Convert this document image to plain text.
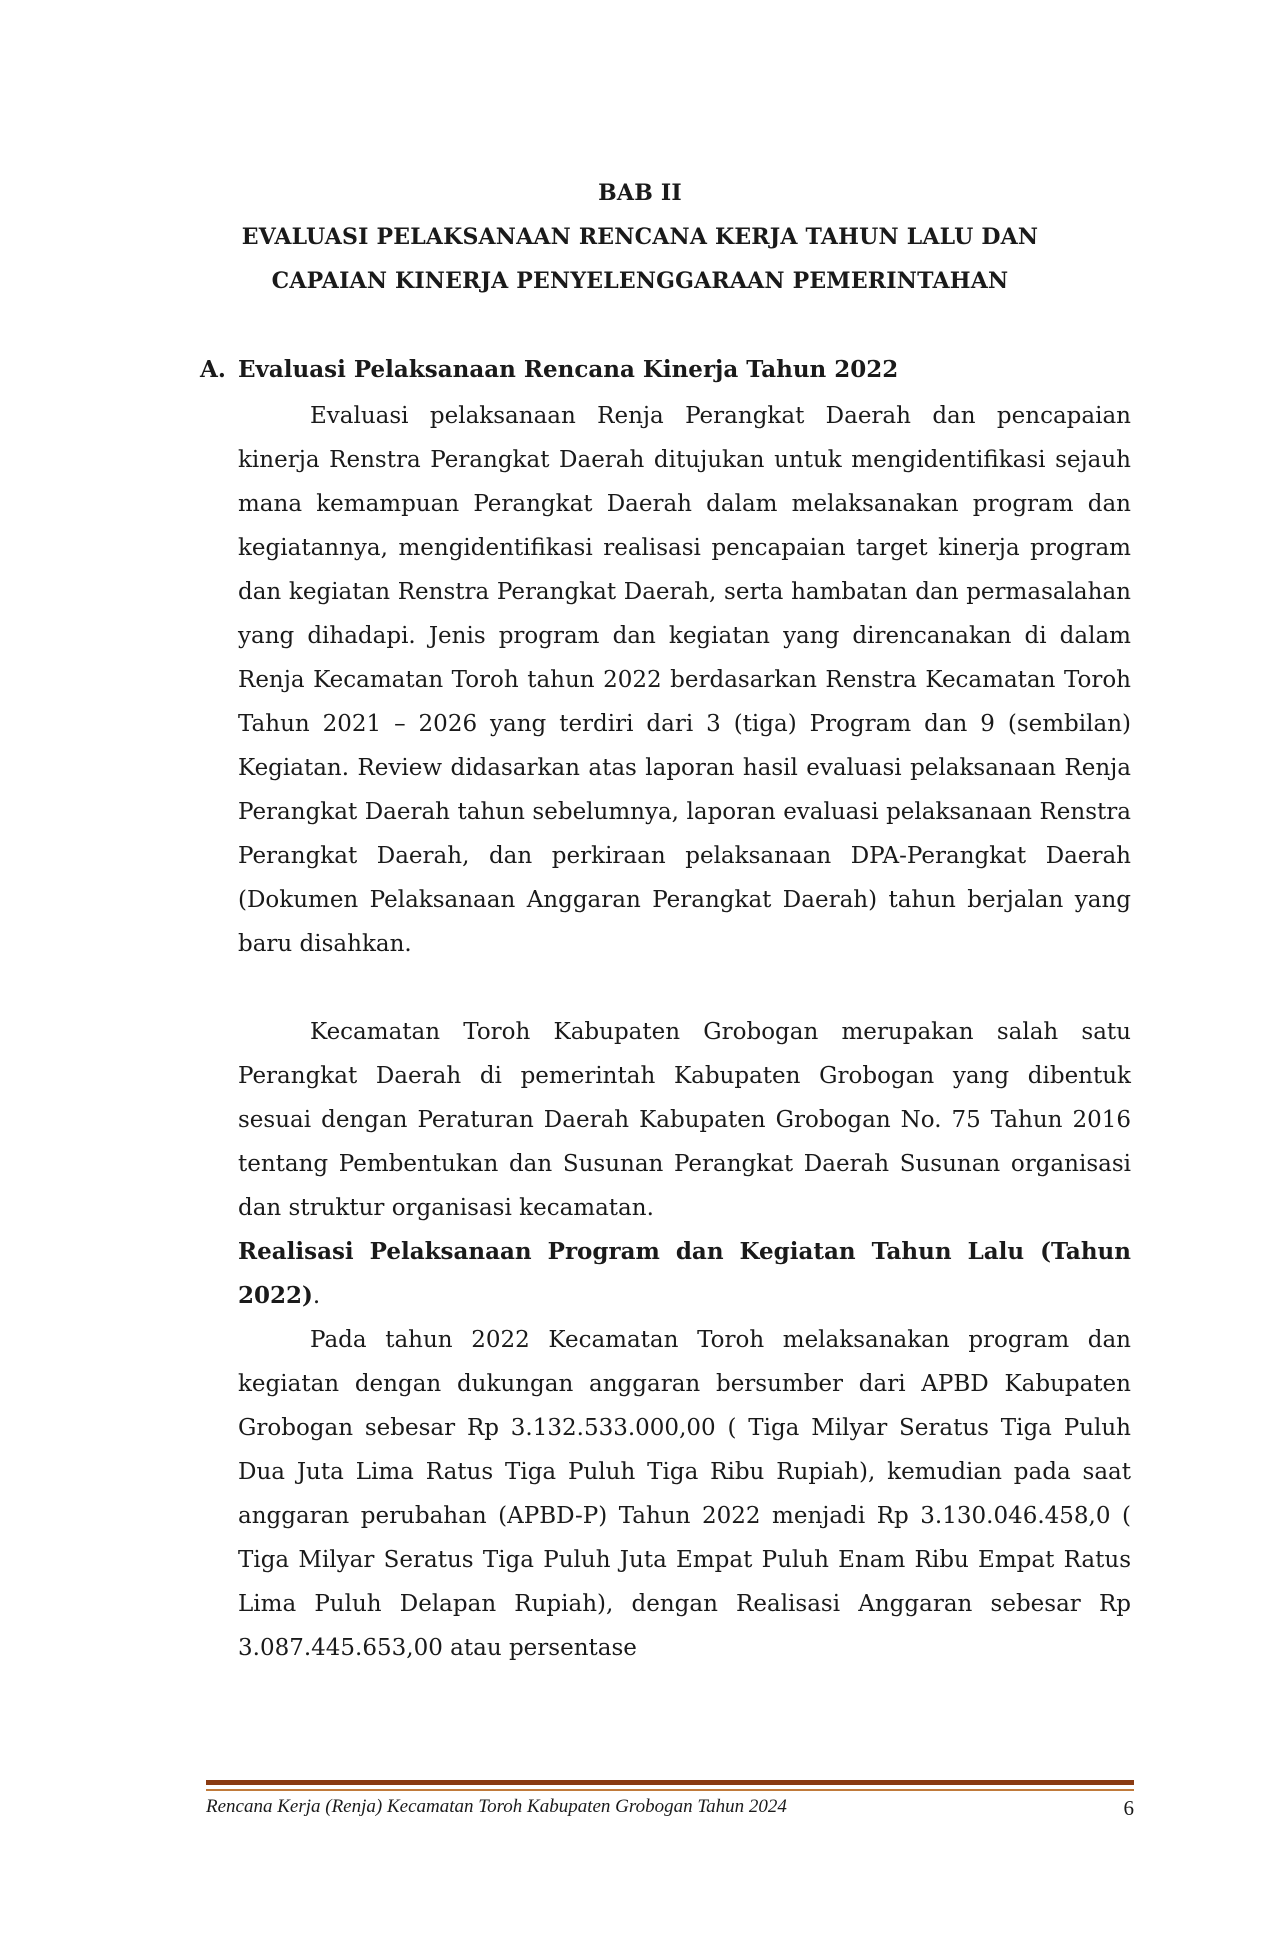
BAB II
EVALUASI PELAKSANAAN RENCANA KERJA TAHUN LALU DAN
CAPAIAN KINERJA PENYELENGGARAAN PEMERINTAHAN
A. Evaluasi Pelaksanaan Rencana Kinerja Tahun 2022
Evaluasi pelaksanaan Renja Perangkat Daerah dan pencapaian kinerja Renstra Perangkat Daerah ditujukan untuk mengidentifikasi sejauh mana kemampuan Perangkat Daerah dalam melaksanakan program dan kegiatannya, mengidentifikasi realisasi pencapaian target kinerja program dan kegiatan Renstra Perangkat Daerah, serta hambatan dan permasalahan yang dihadapi. Jenis program dan kegiatan yang direncanakan di dalam Renja Kecamatan Toroh tahun 2022 berdasarkan Renstra Kecamatan Toroh Tahun 2021 – 2026 yang terdiri dari 3 (tiga) Program dan 9 (sembilan) Kegiatan. Review didasarkan atas laporan hasil evaluasi pelaksanaan Renja Perangkat Daerah tahun sebelumnya, laporan evaluasi pelaksanaan Renstra Perangkat Daerah, dan perkiraan pelaksanaan DPA-Perangkat Daerah (Dokumen Pelaksanaan Anggaran Perangkat Daerah) tahun berjalan yang baru disahkan.
Kecamatan Toroh Kabupaten Grobogan merupakan salah satu Perangkat Daerah di pemerintah Kabupaten Grobogan yang dibentuk sesuai dengan Peraturan Daerah Kabupaten Grobogan No. 75 Tahun 2016 tentang Pembentukan dan Susunan Perangkat Daerah Susunan organisasi dan struktur organisasi kecamatan.
Realisasi Pelaksanaan Program dan Kegiatan Tahun Lalu (Tahun 2022).
Pada tahun 2022 Kecamatan Toroh melaksanakan program dan kegiatan dengan dukungan anggaran bersumber dari APBD Kabupaten Grobogan sebesar Rp 3.132.533.000,00 ( Tiga Milyar Seratus Tiga Puluh Dua Juta Lima Ratus Tiga Puluh Tiga Ribu Rupiah), kemudian pada saat anggaran perubahan (APBD-P) Tahun 2022 menjadi Rp 3.130.046.458,0 ( Tiga Milyar Seratus Tiga Puluh Juta Empat Puluh Enam Ribu Empat Ratus Lima Puluh Delapan Rupiah), dengan Realisasi Anggaran sebesar Rp 3.087.445.653,00 atau persentase
Rencana Kerja (Renja) Kecamatan Toroh Kabupaten Grobogan Tahun 2024	6
